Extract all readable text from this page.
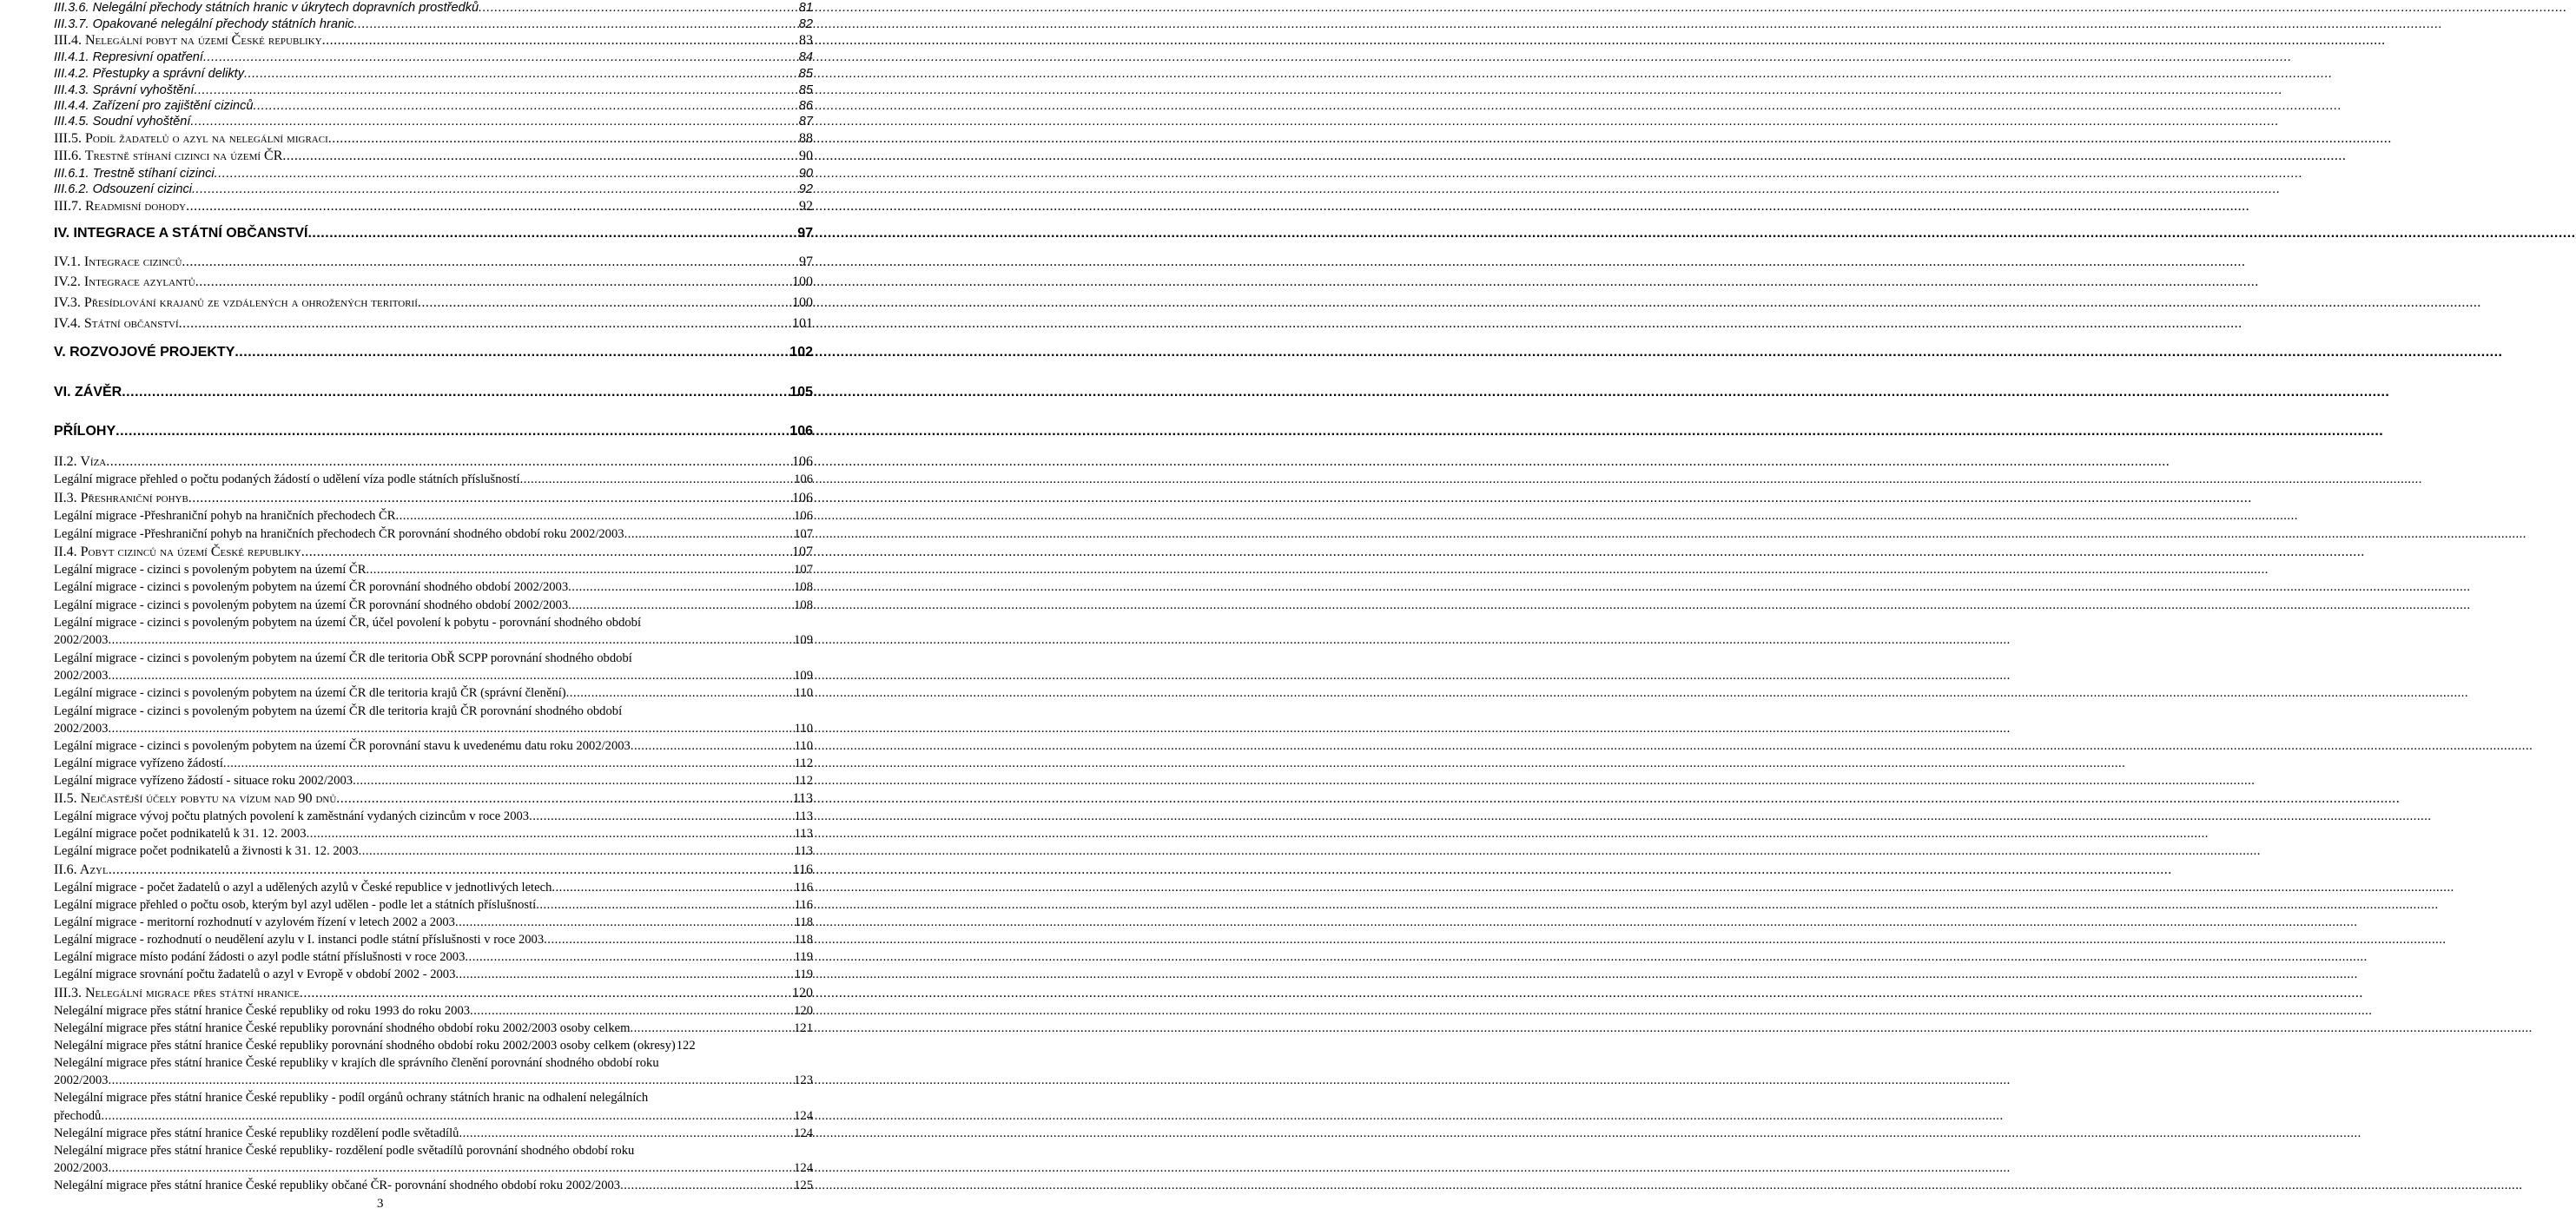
III.3.6. Nelegální přechody státních hranic v úkrytech dopravních prostředků .....	81
III.3.7. Opakované nelegální přechody státních hranic .....	82
III.4. Nelegální pobyt na území České republiky .....	83
III.4.1. Represivní opatření .....	84
III.4.2. Přestupky a správní delikty .....	85
III.4.3. Správní vyhoštění .....	85
III.4.4. Zařízení pro zajištění cizinců .....	86
III.4.5. Soudní vyhoštění .....	87
III.5. Podíl žadatelů o azyl na nelegální migraci .....	88
III.6. Trestně stíhaní cizinci na území ČR .....	90
III.6.1. Trestně stíhaní cizinci .....	90
III.6.2. Odsouzení cizinci .....	92
III.7. Readmisní dohody .....	92
IV. INTEGRACE A STÁTNÍ OBČANSTVÍ .....	97
IV.1. Integrace cizinců .....	97
IV.2. Integrace azylantů .....	100
IV.3. Přesídlování krajanů ze vzdálených a ohrožených teritorií .....	100
IV.4. Státní občanství .....	101
V. ROZVOJOVÉ PROJEKTY .....	102
VI. ZÁVĚR .....	105
PŘÍLOHY .....	106
II.2. Víza .....	106
Legální migrace přehled o počtu podaných žádostí o udělení víza podle státních příslušností .....	106
II.3. Přeshraniční pohyb .....	106
Legální migrace -Přeshraniční pohyb na hraničních přechodech ČR .....	106
Legální migrace -Přeshraniční pohyb na hraničních přechodech ČR porovnání shodného období roku 2002/2003 .....	107
II.4. Pobyt cizinců na území České republiky .....	107
Legální migrace - cizinci s povoleným pobytem na území ČR .....	107
Legální migrace - cizinci s povoleným pobytem na území ČR porovnání shodného období 2002/2003 .....	108
Legální migrace - cizinci s povoleným pobytem na území ČR porovnání shodného období 2002/2003 .....	108
Legální migrace - cizinci s povoleným pobytem na území ČR, účel povolení k pobytu - porovnání shodného období
2002/2003 .....	109
Legální migrace - cizinci s povoleným pobytem na území ČR dle teritoria ObŘ SCPP porovnání shodného období
2002/2003 .....	109
Legální migrace - cizinci s povoleným pobytem na území ČR dle teritoria krajů ČR (správní členění) .....	110
Legální migrace - cizinci s povoleným pobytem na území ČR dle teritoria krajů ČR porovnání shodného období
2002/2003 .....	110
Legální migrace - cizinci s povoleným pobytem na území ČR porovnání stavu k uvedenému datu roku 2002/2003 .....	110
Legální migrace vyřízeno žádostí .....	112
Legální migrace vyřízeno žádostí - situace roku 2002/2003 .....	112
II.5. Nejčastější účely pobytu na vízum nad 90 dnů .....	113
Legální migrace vývoj počtu platných povolení k zaměstnání vydaných cizincům v roce 2003 .....	113
Legální migrace počet podnikatelů k 31. 12. 2003 .....	113
Legální migrace počet podnikatelů a živnosti k 31. 12. 2003 .....	113
II.6. Azyl .....	116
Legální migrace - počet žadatelů o azyl a udělených azylů v České republice v jednotlivých letech .....	116
Legální migrace přehled o počtu osob, kterým byl azyl udělen - podle let a státních příslušností .....	116
Legální migrace - meritorní rozhodnutí v azylovém řízení v letech 2002 a 2003 .....	118
Legální migrace - rozhodnutí o neudělení azylu v I. instanci podle státní příslušnosti v roce 2003 .....	118
Legální migrace místo podání žádosti o azyl podle státní příslušnosti v roce 2003 .....	119
Legální migrace srovnání počtu žadatelů o azyl v Evropě v období 2002 - 2003 .....	119
III.3. Nelegální migrace přes státní hranice .....	120
Nelegální migrace přes státní hranice České republiky od roku 1993 do roku 2003 .....	120
Nelegální migrace přes státní hranice České republiky porovnání shodného období roku 2002/2003 osoby celkem .....	121
Nelegální migrace přes státní hranice České republiky porovnání shodného období roku 2002/2003 osoby celkem (okresy) 122
Nelegální migrace přes státní hranice České republiky v krajích dle správního členění porovnání shodného období roku
2002/2003 .....	123
Nelegální migrace přes státní hranice České republiky - podíl orgánů ochrany státních hranic na odhalení nelegálních
přechodů .....	124
Nelegální migrace přes státní hranice České republiky rozdělení podle světadílů .....	124
Nelegální migrace přes státní hranice České republiky- rozdělení podle světadílů porovnání shodného období roku
2002/2003 .....	124
Nelegální migrace přes státní hranice České republiky občané ČR- porovnání shodného období roku 2002/2003 .....	125
3
